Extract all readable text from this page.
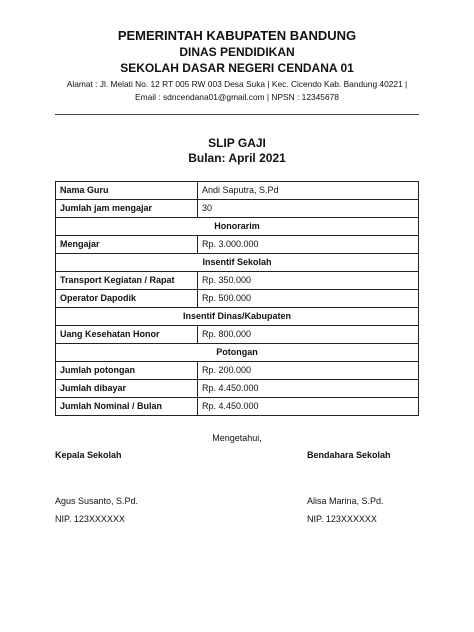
PEMERINTAH KABUPATEN BANDUNG
DINAS PENDIDIKAN
SEKOLAH DASAR NEGERI CENDANA 01
Alamat : Jl. Melati No. 12 RT 005 RW 003 Desa Suka | Kec. Cicendo Kab. Bandung 40221 |
Email : sdncendana01@gmail.com | NPSN : 12345678
SLIP GAJI
Bulan: April 2021
Nama Guru	Andi Saputra, S.Pd
Jumlah jam mengajar	30
Honorarim	
Mengajar	Rp. 3.000.000
Insentif Sekolah	
Transport Kegiatan / Rapat	Rp. 350.000
Operator Dapodik	Rp. 500.000
Insentif Dinas/Kabupaten	
Uang Kesehatan Honor	Rp. 800.000
Potongan	
Jumlah potongan	Rp. 200.000
Jumlah dibayar	Rp. 4.450.000
Jumlah Nominal / Bulan	Rp. 4.450.000
Mengetahui,
Kepala Sekolah
Agus Susanto, S.Pd.
NIP. 123XXXXXX
Bendahara Sekolah
Alisa Marina, S.Pd.
NIP. 123XXXXXX
